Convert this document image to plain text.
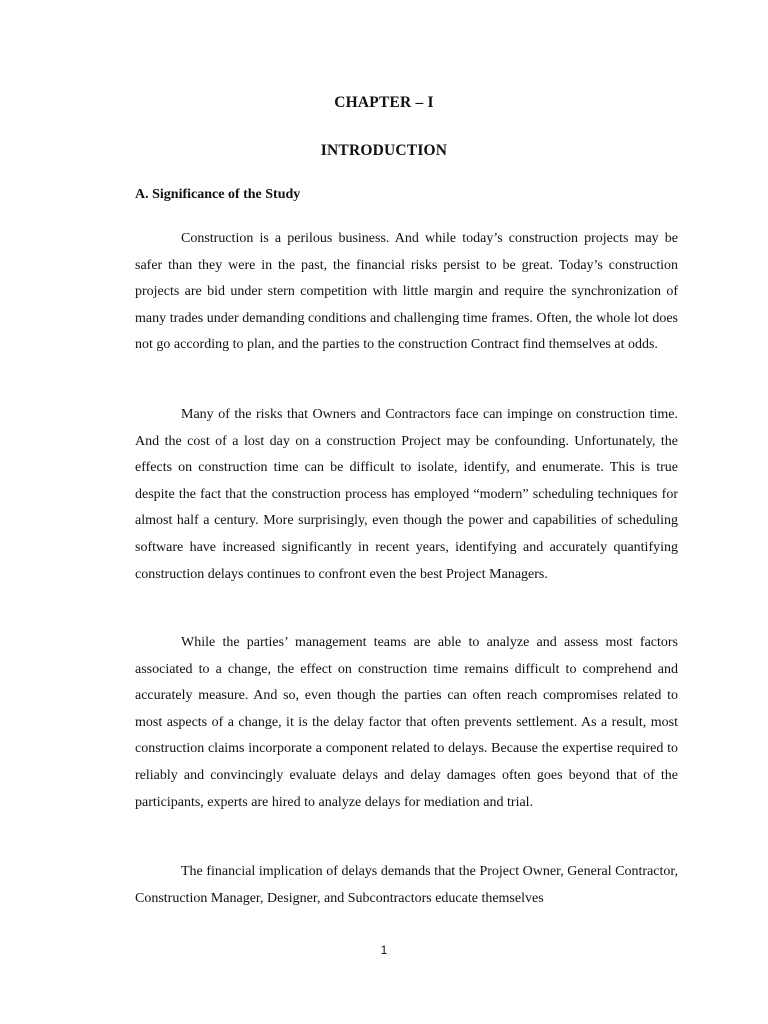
CHAPTER – I
INTRODUCTION
A. Significance of the Study

Construction is a perilous business. And while today’s construction projects may be safer than they were in the past, the financial risks persist to be great. Today’s construction projects are bid under stern competition with little margin and require the synchronization of many trades under demanding conditions and challenging time frames. Often, the whole lot does not go according to plan, and the parties to the construction Contract find themselves at odds.

Many of the risks that Owners and Contractors face can impinge on construction time. And the cost of a lost day on a construction Project may be confounding. Unfortunately, the effects on construction time can be difficult to isolate, identify, and enumerate. This is true despite the fact that the construction process has employed “modern” scheduling techniques for almost half a century. More surprisingly, even though the power and capabilities of scheduling software have increased significantly in recent years, identifying and accurately quantifying construction delays continues to confront even the best Project Managers.

While the parties’ management teams are able to analyze and assess most factors associated to a change, the effect on construction time remains difficult to comprehend and accurately measure. And so, even though the parties can often reach compromises related to most aspects of a change, it is the delay factor that often prevents settlement. As a result, most construction claims incorporate a component related to delays. Because the expertise required to reliably and convincingly evaluate delays and delay damages often goes beyond that of the participants, experts are hired to analyze delays for mediation and trial.

The financial implication of delays demands that the Project Owner, General Contractor, Construction Manager, Designer, and Subcontractors educate themselves

1
